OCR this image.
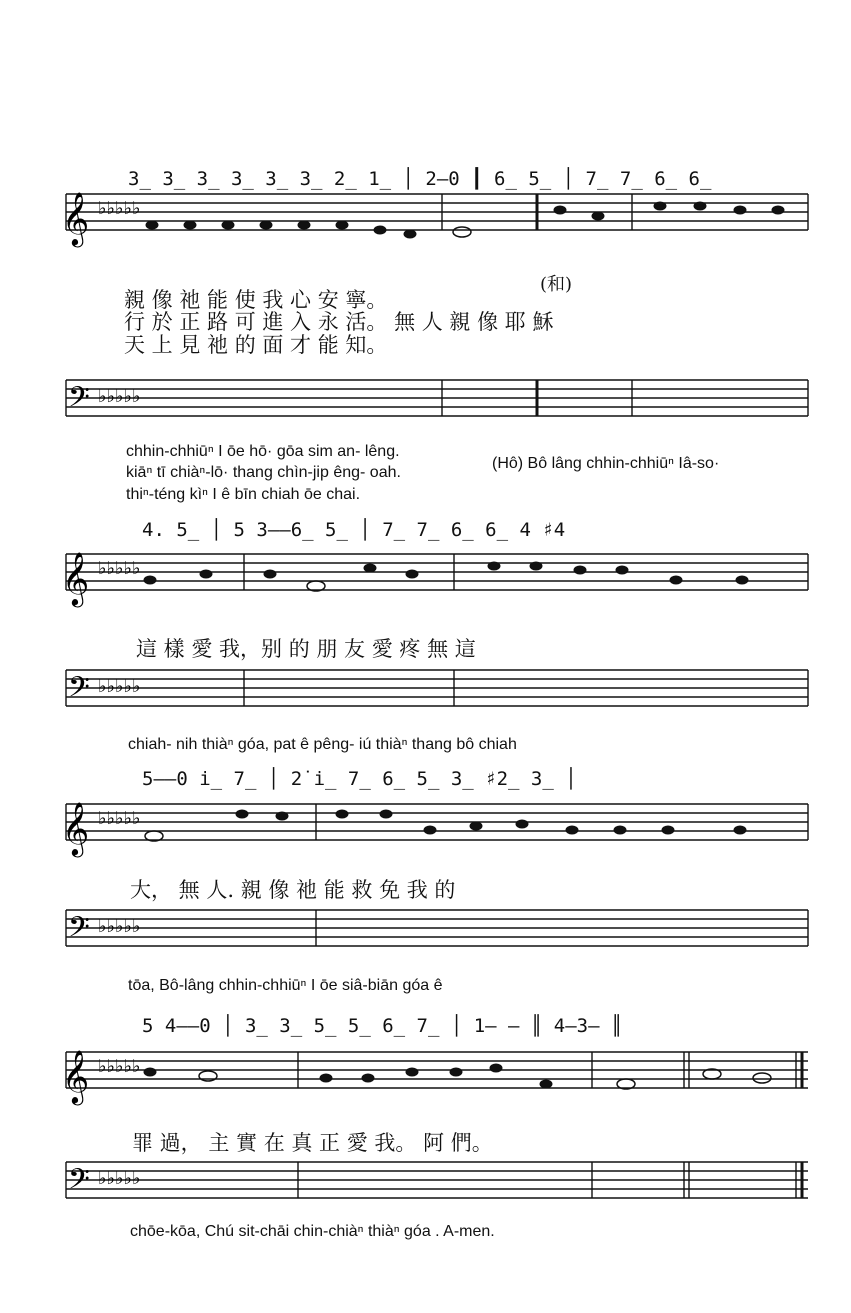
3̲ 3̲ 3̲ 3̲ 3̲ 3̲ 2̲ 1̲ │ 2—0 ┃ 6̲ 5̲ │ 7̲ 7̲ 6̲ 6̲
𝄞 ♭♭♭♭♭
親 像 祂 能 使 我 心 安 寧。
(和)
行 於 正 路 可 進 入 永 活。 無 人 親 像 耶 穌
天 上 見 祂 的 面 才 能 知。
𝄢 ♭♭♭♭♭
chhin-chhiūⁿ I ōe hō· gōa sim an- lêng.
(Hô) Bô lâng chhin-chhiūⁿ Iâ-so·
kiāⁿ tī chiàⁿ-lō· thang chìn-jip êng- oah.
thiⁿ-téng kìⁿ I ê bīn chiah ōe chai.
4. 5̲ │ 5 3——6̲ 5̲ │ 7̲ 7̲ 6̲ 6̲ 4 ♯4
𝄞 ♭♭♭♭♭
這 樣 愛 我，别 的 朋 友 愛 疼 無 這
𝄢 ♭♭♭♭♭
chiah- nih thiàⁿ góa, pat ê pêng- iú thiàⁿ thang bô chiah
5——0 i̲ 7̲ │ 2̇ i̲ 7̲ 6̲ 5̲ 3̲ ♯2̲ 3̲ │
𝄞 ♭♭♭♭♭
大， 無 人. 親 像 祂 能 救 免 我 的
𝄢 ♭♭♭♭♭
tōa, Bô-lâng chhin-chhiūⁿ I ōe siâ-biān góa ê
5 4——0 │ 3̲ 3̲ 5̲ 5̲ 6̲ 7̲ │ 1— — ║ 4—3— ║
𝄞 ♭♭♭♭♭
罪 過， 主 實 在 真 正 愛 我。 阿 們。
𝄢 ♭♭♭♭♭
chōe-kōa, Chú sit-chāi chin-chiàⁿ thiàⁿ góa . A-men.
